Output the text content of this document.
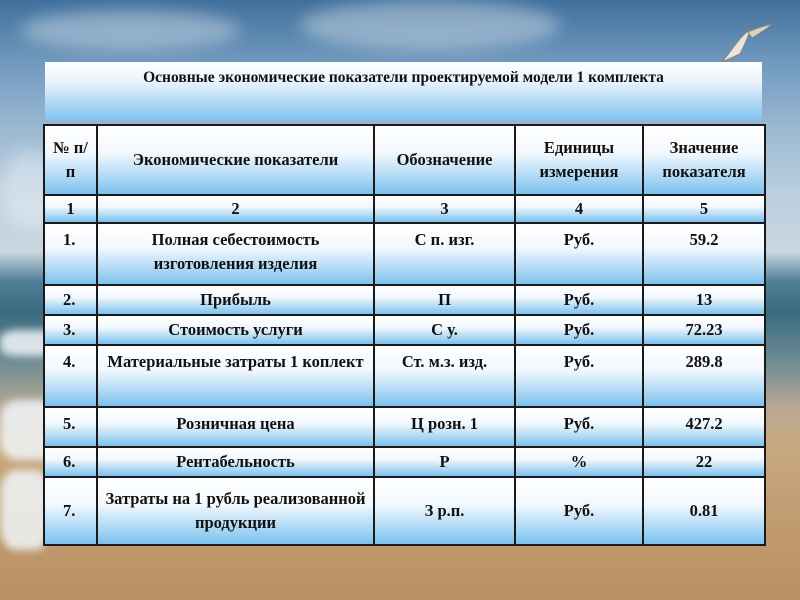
Основные экономические показатели проектируемой модели 1 комплекта
№ п/п	Экономические показатели	Обозначение	Единицы измерения	Значение показателя
1	2	3	4	5
1.	Полная себестоимость изготовления изделия	С п. изг.	Руб.	59.2
2.	Прибыль	П	Руб.	13
3.	Стоимость услуги	С у.	Руб.	72.23
4.	Материальные затраты 1 коплект	Ст. м.з. изд.	Руб.	289.8
5.	Розничная цена	Ц розн. 1	Руб.	427.2
6.	Рентабельность	Р	%	22
7.	Затраты на 1 рубль реализованной продукции	З р.п.	Руб.	0.81
